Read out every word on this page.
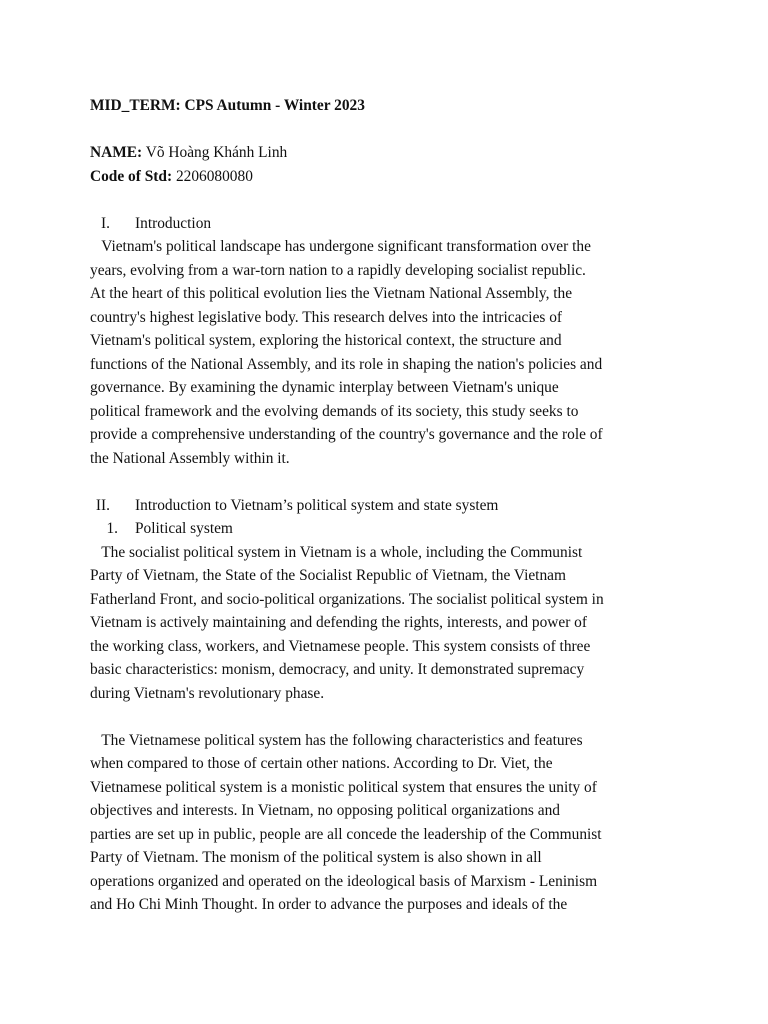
MID_TERM: CPS Autumn - Winter 2023

NAME: Võ Hoàng Khánh Linh

Code of Std: 2206080080

I. Introduction
Vietnam's political landscape has undergone significant transformation over the
years, evolving from a war-torn nation to a rapidly developing socialist republic.
At the heart of this political evolution lies the Vietnam National Assembly, the
country's highest legislative body. This research delves into the intricacies of
Vietnam's political system, exploring the historical context, the structure and
functions of the National Assembly, and its role in shaping the nation's policies and
governance. By examining the dynamic interplay between Vietnam's unique
political framework and the evolving demands of its society, this study seeks to
provide a comprehensive understanding of the country's governance and the role of
the National Assembly within it.
II. Introduction to Vietnam’s political system and state system
1. Political system
The socialist political system in Vietnam is a whole, including the Communist
Party of Vietnam, the State of the Socialist Republic of Vietnam, the Vietnam
Fatherland Front, and socio-political organizations. The socialist political system in
Vietnam is actively maintaining and defending the rights, interests, and power of
the working class, workers, and Vietnamese people. This system consists of three
basic characteristics: monism, democracy, and unity. It demonstrated supremacy
during Vietnam's revolutionary phase.
The Vietnamese political system has the following characteristics and features
when compared to those of certain other nations. According to Dr. Viet, the
Vietnamese political system is a monistic political system that ensures the unity of
objectives and interests. In Vietnam, no opposing political organizations and
parties are set up in public, people are all concede the leadership of the Communist
Party of Vietnam. The monism of the political system is also shown in all
operations organized and operated on the ideological basis of Marxism - Leninism
and Ho Chi Minh Thought. In order to advance the purposes and ideals of the
